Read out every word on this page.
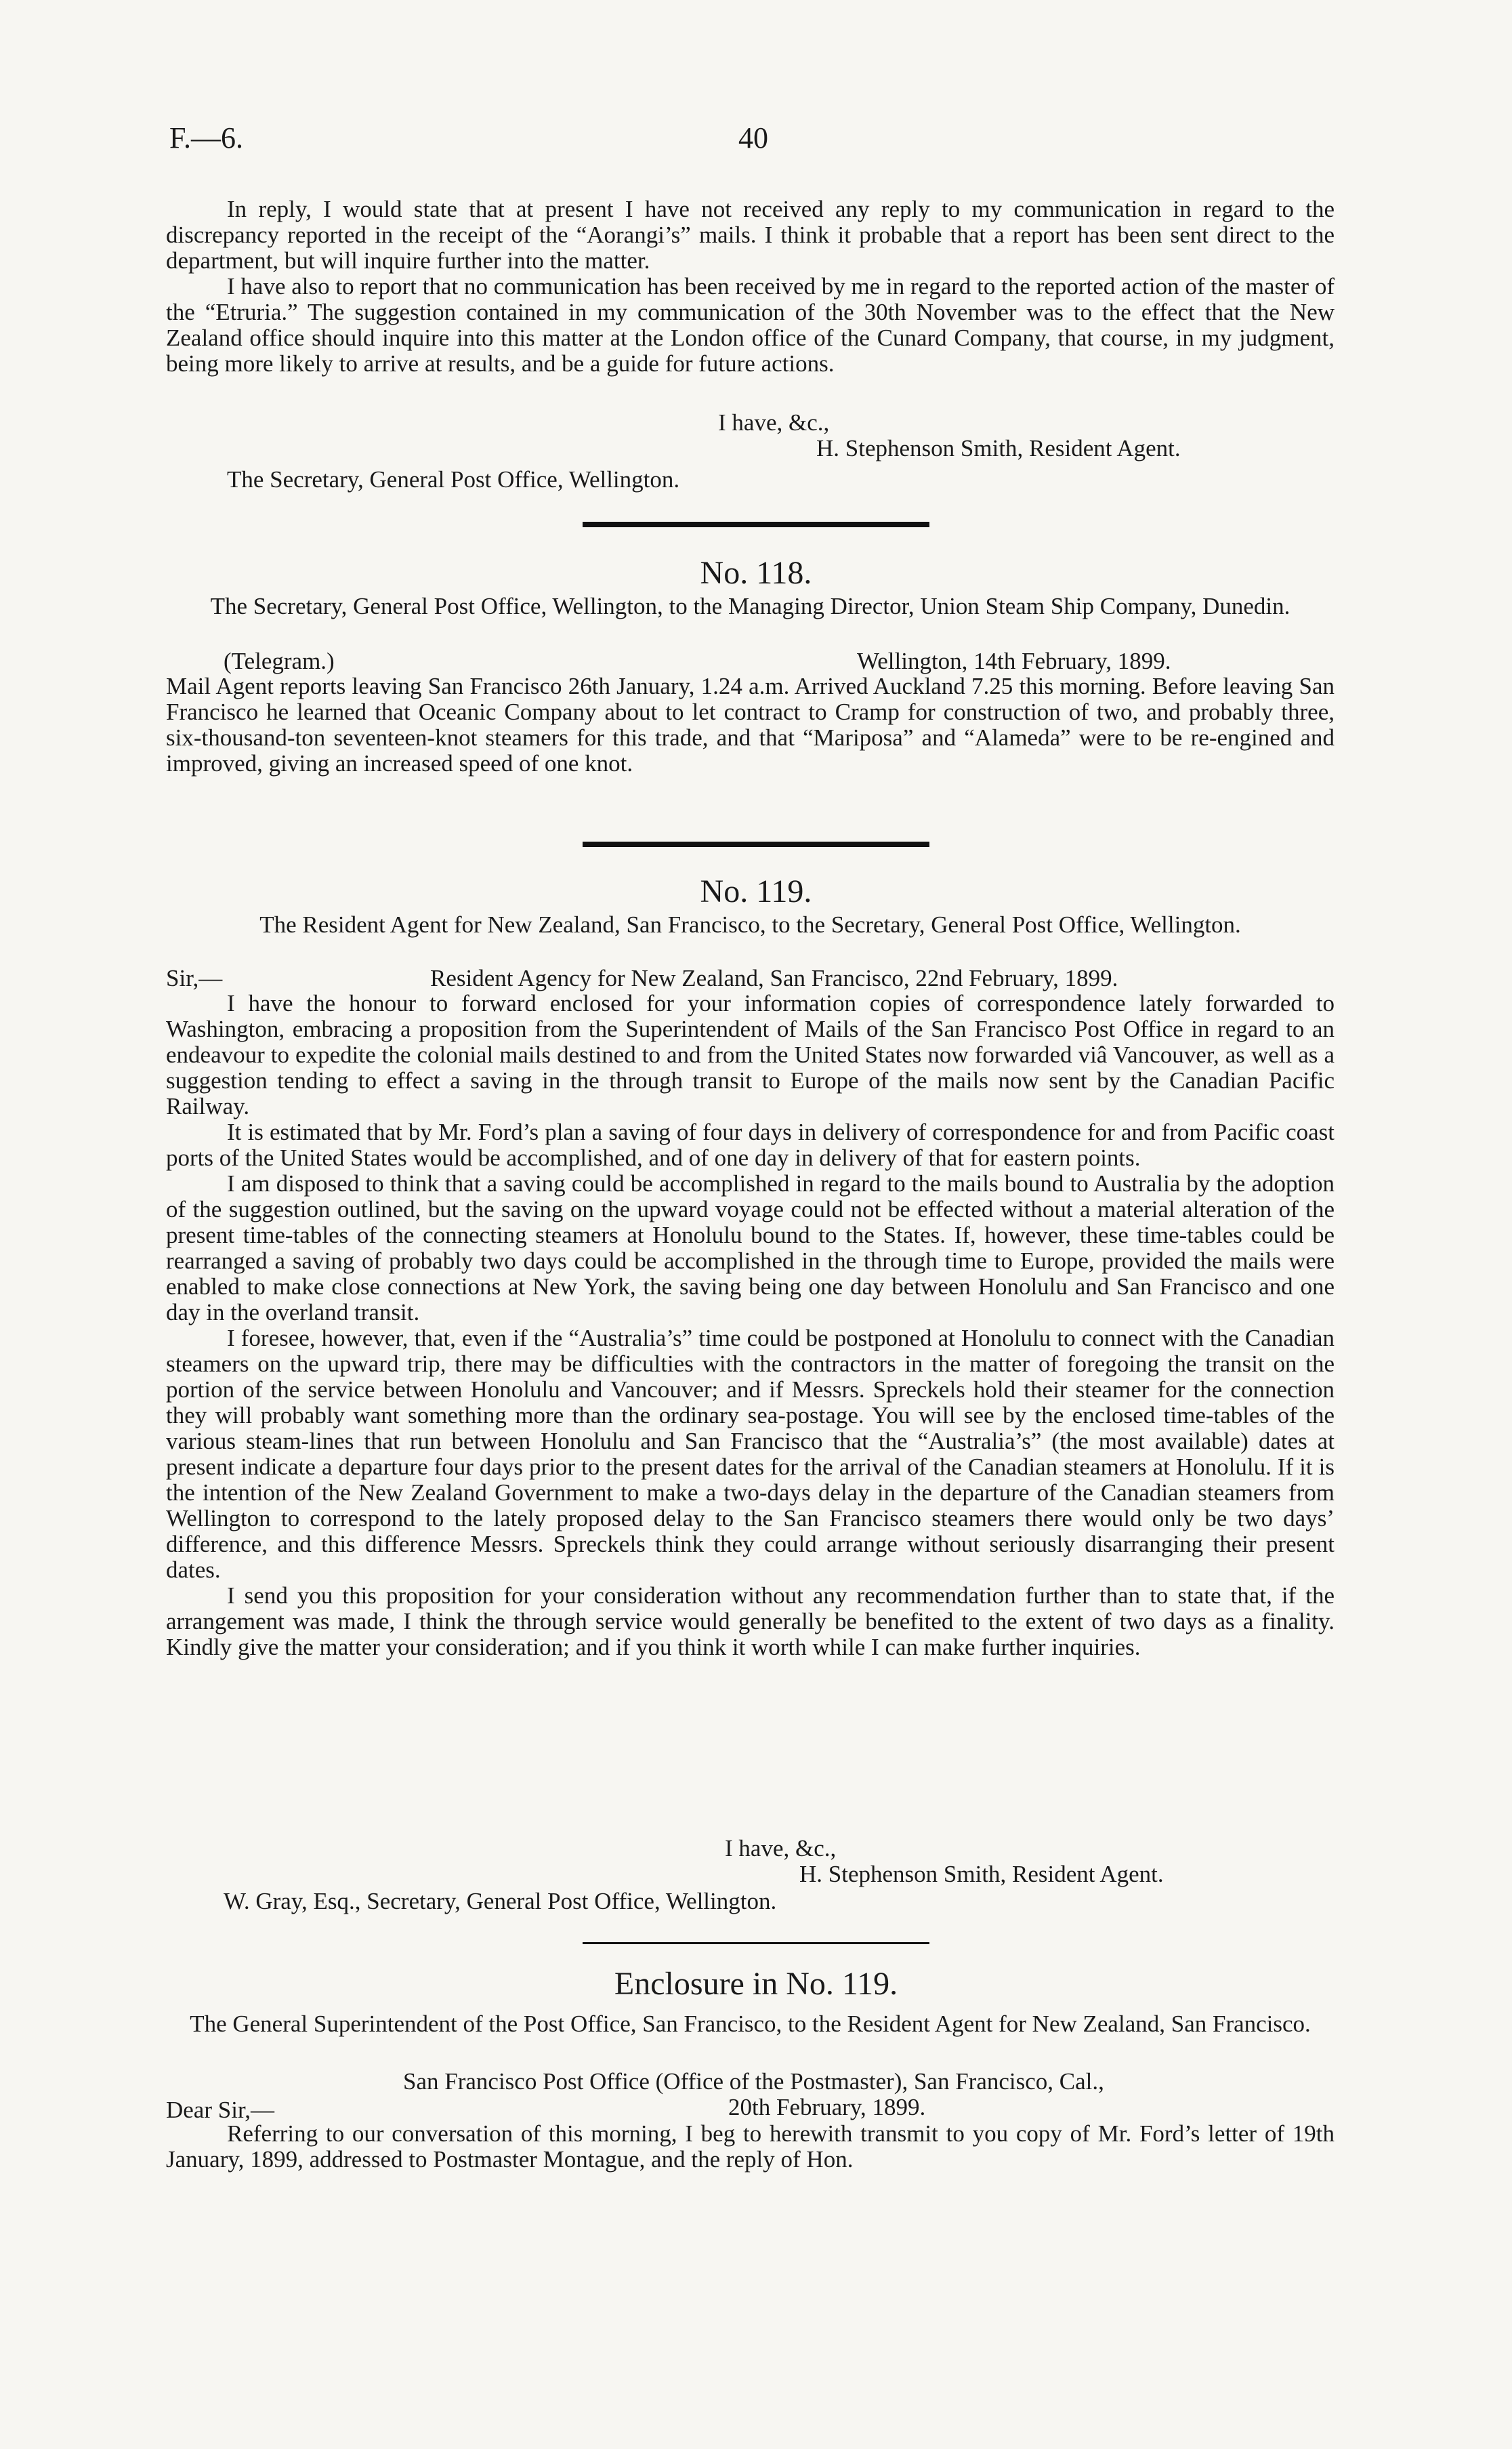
F.—6.	40

In reply, I would state that at present I have not received any reply to my communication in regard to the discrepancy reported in the receipt of the “Aorangi’s” mails. I think it probable that a report has been sent direct to the department, but will inquire further into the matter.

I have also to report that no communication has been received by me in regard to the reported action of the master of the “Etruria.” The suggestion contained in my communication of the 30th November was to the effect that the New Zealand office should inquire into this matter at the London office of the Cunard Company, that course, in my judgment, being more likely to arrive at results, and be a guide for future actions.

I have, &c.,
H. Stephenson Smith, Resident Agent.
The Secretary, General Post Office, Wellington.
No. 118.
The Secretary, General Post Office, Wellington, to the Managing Director, Union Steam Ship Company, Dunedin.
(Telegram.)	Wellington, 14th February, 1899.

Mail Agent reports leaving San Francisco 26th January, 1.24 a.m. Arrived Auckland 7.25 this morning. Before leaving San Francisco he learned that Oceanic Company about to let contract to Cramp for construction of two, and probably three, six-thousand-ton seventeen-knot steamers for this trade, and that “Mariposa” and “Alameda” were to be re-engined and improved, giving an increased speed of one knot.

No. 119.
The Resident Agent for New Zealand, San Francisco, to the Secretary, General Post Office, Wellington.
Sir,—	Resident Agency for New Zealand, San Francisco, 22nd February, 1899.

I have the honour to forward enclosed for your information copies of correspondence lately forwarded to Washington, embracing a proposition from the Superintendent of Mails of the San Francisco Post Office in regard to an endeavour to expedite the colonial mails destined to and from the United States now forwarded viâ Vancouver, as well as a suggestion tending to effect a saving in the through transit to Europe of the mails now sent by the Canadian Pacific Railway.

It is estimated that by Mr. Ford’s plan a saving of four days in delivery of correspondence for and from Pacific coast ports of the United States would be accomplished, and of one day in delivery of that for eastern points.

I am disposed to think that a saving could be accomplished in regard to the mails bound to Australia by the adoption of the suggestion outlined, but the saving on the upward voyage could not be effected without a material alteration of the present time-tables of the connecting steamers at Honolulu bound to the States. If, however, these time-tables could be rearranged a saving of probably two days could be accomplished in the through time to Europe, provided the mails were enabled to make close connections at New York, the saving being one day between Honolulu and San Francisco and one day in the overland transit.

I foresee, however, that, even if the “Australia’s” time could be postponed at Honolulu to connect with the Canadian steamers on the upward trip, there may be difficulties with the contractors in the matter of foregoing the transit on the portion of the service between Honolulu and Vancouver; and if Messrs. Spreckels hold their steamer for the connection they will probably want something more than the ordinary sea-postage. You will see by the enclosed time-tables of the various steam-lines that run between Honolulu and San Francisco that the “Australia’s” (the most available) dates at present indicate a departure four days prior to the present dates for the arrival of the Canadian steamers at Honolulu. If it is the intention of the New Zealand Government to make a two-days delay in the departure of the Canadian steamers from Wellington to correspond to the lately proposed delay to the San Francisco steamers there would only be two days’ difference, and this difference Messrs. Spreckels think they could arrange without seriously disarranging their present dates.

I send you this proposition for your consideration without any recommendation further than to state that, if the arrangement was made, I think the through service would generally be benefited to the extent of two days as a finality. Kindly give the matter your consideration; and if you think it worth while I can make further inquiries.

I have, &c.,
H. Stephenson Smith, Resident Agent.
W. Gray, Esq., Secretary, General Post Office, Wellington.
Enclosure in No. 119.
The General Superintendent of the Post Office, San Francisco, to the Resident Agent for New Zealand, San Francisco.
San Francisco Post Office (Office of the Postmaster), San Francisco, Cal.,
Dear Sir,—	20th February, 1899.

Referring to our conversation of this morning, I beg to herewith transmit to you copy of Mr. Ford’s letter of 19th January, 1899, addressed to Postmaster Montague, and the reply of Hon.
